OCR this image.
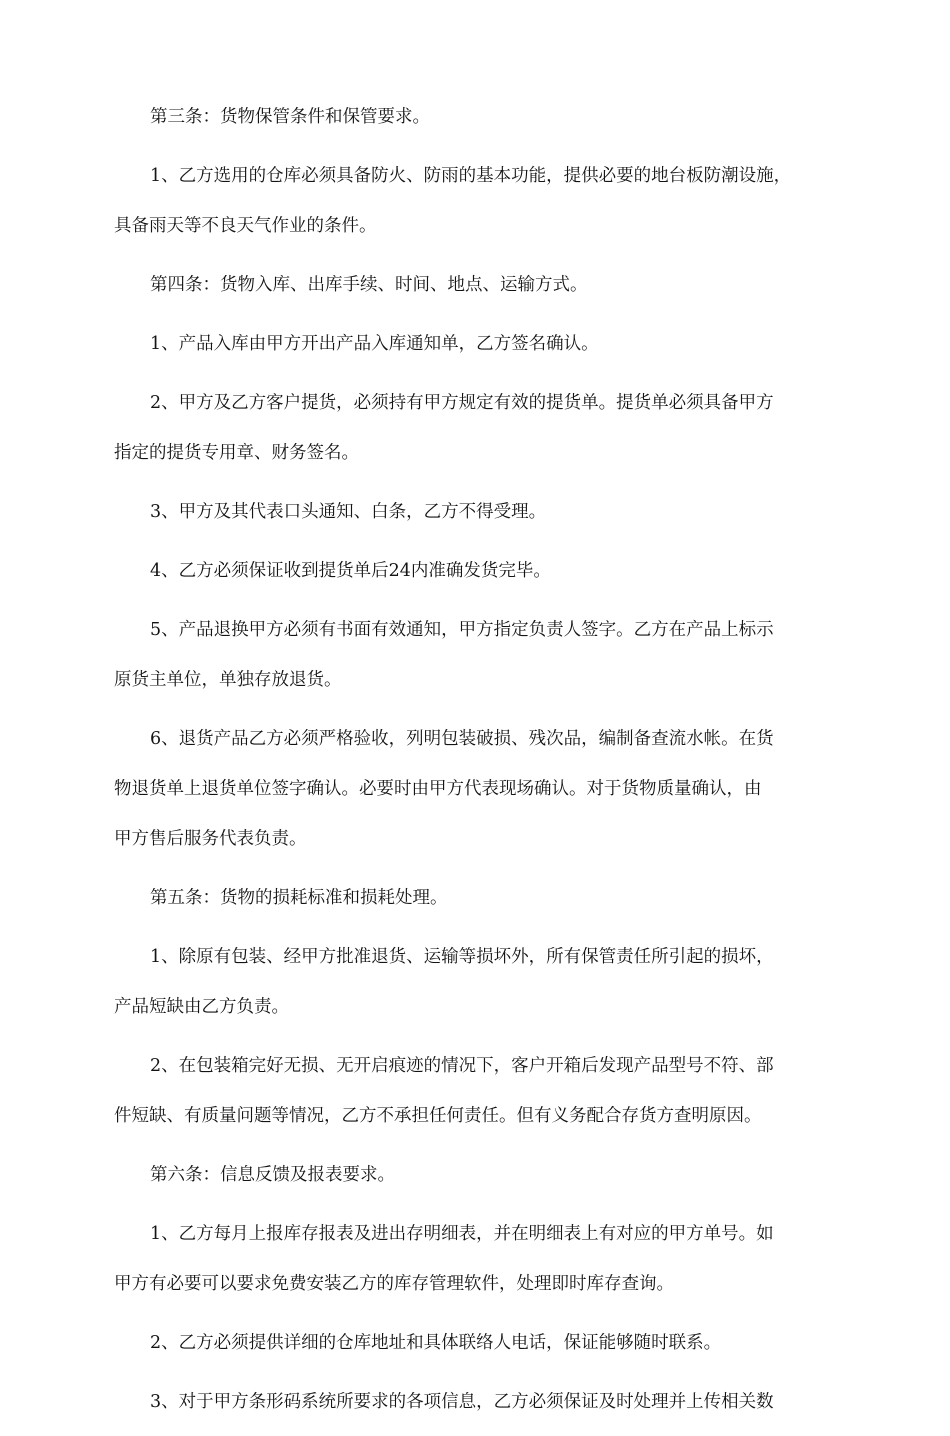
第三条：货物保管条件和保管要求。
1、乙方选用的仓库必须具备防火、防雨的基本功能，提供必要的地台板防潮设施，
具备雨天等不良天气作业的条件。
第四条：货物入库、出库手续、时间、地点、运输方式。
1、产品入库由甲方开出产品入库通知单，乙方签名确认。
2、甲方及乙方客户提货，必须持有甲方规定有效的提货单。提货单必须具备甲方
指定的提货专用章、财务签名。
3、甲方及其代表口头通知、白条，乙方不得受理。
4、乙方必须保证收到提货单后24内准确发货完毕。
5、产品退换甲方必须有书面有效通知，甲方指定负责人签字。乙方在产品上标示
原货主单位，单独存放退货。
6、退货产品乙方必须严格验收，列明包装破损、残次品，编制备查流水帐。在货
物退货单上退货单位签字确认。必要时由甲方代表现场确认。对于货物质量确认，由
甲方售后服务代表负责。
第五条：货物的损耗标准和损耗处理。
1、除原有包装、经甲方批准退货、运输等损坏外，所有保管责任所引起的损坏，
产品短缺由乙方负责。
2、在包装箱完好无损、无开启痕迹的情况下，客户开箱后发现产品型号不符、部
件短缺、有质量问题等情况，乙方不承担任何责任。但有义务配合存货方查明原因。
第六条：信息反馈及报表要求。
1、乙方每月上报库存报表及进出存明细表，并在明细表上有对应的甲方单号。如
甲方有必要可以要求免费安装乙方的库存管理软件，处理即时库存查询。
2、乙方必须提供详细的仓库地址和具体联络人电话，保证能够随时联系。
3、对于甲方条形码系统所要求的各项信息，乙方必须保证及时处理并上传相关数
